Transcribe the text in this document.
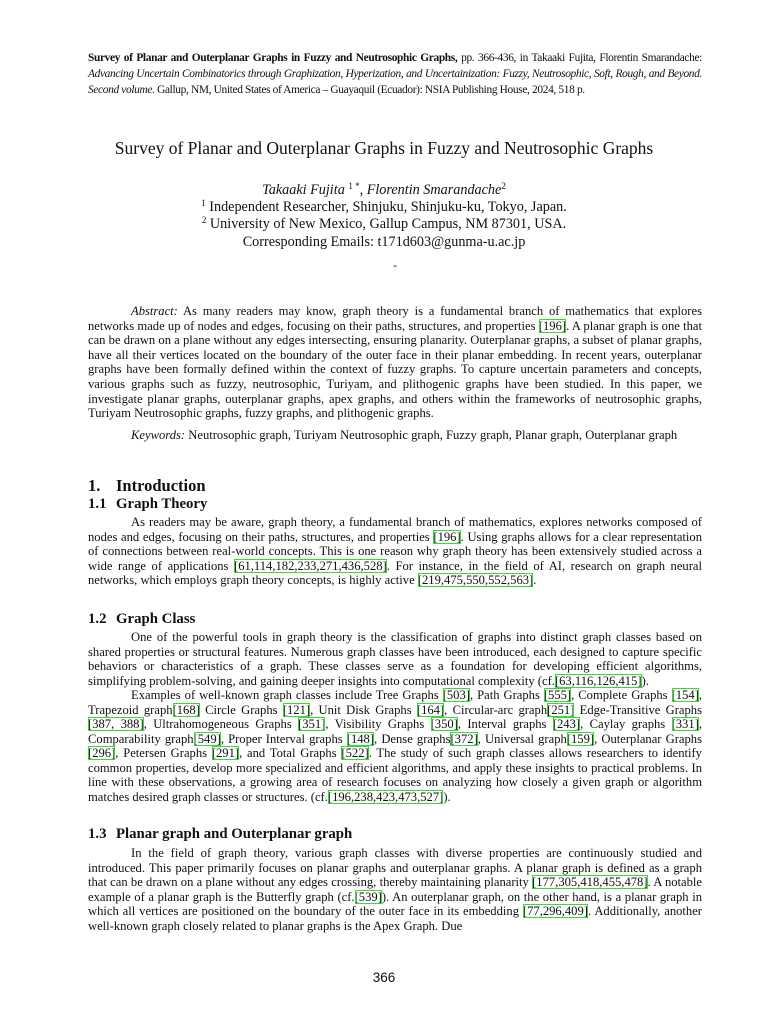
Survey of Planar and Outerplanar Graphs in Fuzzy and Neutrosophic Graphs, pp. 366-436, in Takaaki Fujita, Florentin Smarandache: Advancing Uncertain Combinatorics through Graphization, Hyperization, and Uncertainization: Fuzzy, Neutrosophic, Soft, Rough, and Beyond. Second volume. Gallup, NM, United States of America – Guayaquil (Ecuador): NSIA Publishing House, 2024, 518 p.
Survey of Planar and Outerplanar Graphs in Fuzzy and Neutrosophic Graphs
Takaaki Fujita $^{1 *}$, Florentin Smarandache$^2$
$^1$ Independent Researcher, Shinjuku, Shinjuku-ku, Tokyo, Japan.
$^2$ University of New Mexico, Gallup Campus, NM 87301, USA.
Corresponding Emails: t171d603@gunma-u.ac.jp
-

Abstract: As many readers may know, graph theory is a fundamental branch of mathematics that explores networks made up of nodes and edges, focusing on their paths, structures, and properties [196]. A planar graph is one that can be drawn on a plane without any edges intersecting, ensuring planarity. Outerplanar graphs, a subset of planar graphs, have all their vertices located on the boundary of the outer face in their planar embedding. In recent years, outerplanar graphs have been formally defined within the context of fuzzy graphs. To capture uncertain parameters and concepts, various graphs such as fuzzy, neutrosophic, Turiyam, and plithogenic graphs have been studied. In this paper, we investigate planar graphs, outerplanar graphs, apex graphs, and others within the frameworks of neutrosophic graphs, Turiyam Neutrosophic graphs, fuzzy graphs, and plithogenic graphs.

Keywords: Neutrosophic graph, Turiyam Neutrosophic graph, Fuzzy graph, Planar graph, Outerplanar graph

1. Introduction
1.1 Graph Theory

As readers may be aware, graph theory, a fundamental branch of mathematics, explores networks composed of nodes and edges, focusing on their paths, structures, and properties [196]. Using graphs allows for a clear representation of connections between real-world concepts. This is one reason why graph theory has been extensively studied across a wide range of applications [61,114,182,233,271,436,528]. For instance, in the field of AI, research on graph neural networks, which employs graph theory concepts, is highly active [219,475,550,552,563].

1.2 Graph Class

One of the powerful tools in graph theory is the classification of graphs into distinct graph classes based on shared properties or structural features. Numerous graph classes have been introduced, each designed to capture specific behaviors or characteristics of a graph. These classes serve as a foundation for developing efficient algorithms, simplifying problem-solving, and gaining deeper insights into computational complexity (cf.[63,116,126,415]).

Examples of well-known graph classes include Tree Graphs [503], Path Graphs [555], Complete Graphs [154], Trapezoid graph[168] Circle Graphs [121], Unit Disk Graphs [164], Circular-arc graph[251] Edge-Transitive Graphs [387, 388], Ultrahomogeneous Graphs [351], Visibility Graphs [350], Interval graphs [243], Caylay graphs [331], Comparability graph[549], Proper Interval graphs [148], Dense graphs[372], Universal graph[159], Outerplanar Graphs [296], Petersen Graphs [291], and Total Graphs [522]. The study of such graph classes allows researchers to identify common properties, develop more specialized and efficient algorithms, and apply these insights to practical problems. In line with these observations, a growing area of research focuses on analyzing how closely a given graph or algorithm matches desired graph classes or structures. (cf.[196,238,423,473,527]).

1.3 Planar graph and Outerplanar graph

In the field of graph theory, various graph classes with diverse properties are continuously studied and introduced. This paper primarily focuses on planar graphs and outerplanar graphs. A planar graph is defined as a graph that can be drawn on a plane without any edges crossing, thereby maintaining planarity [177,305,418,455,478]. A notable example of a planar graph is the Butterfly graph (cf.[539]). An outerplanar graph, on the other hand, is a planar graph in which all vertices are positioned on the boundary of the outer face in its embedding [77,296,409]. Additionally, another well-known graph closely related to planar graphs is the Apex Graph. Due

366
